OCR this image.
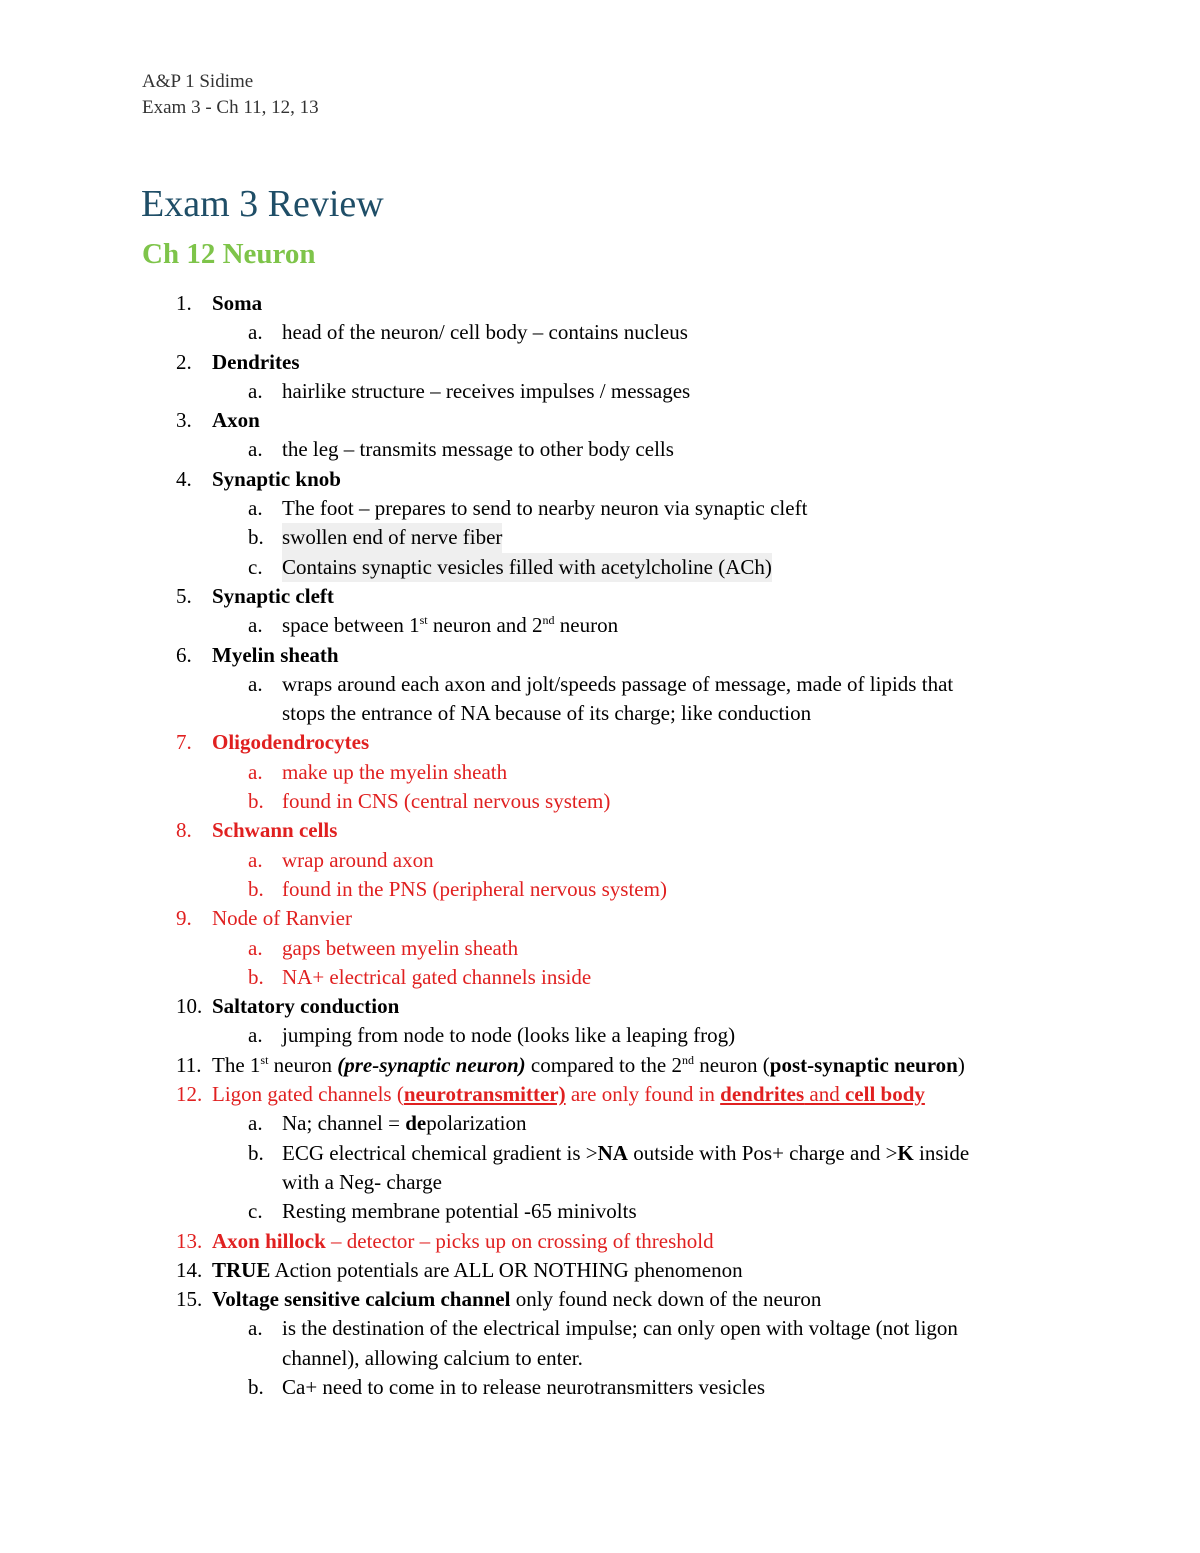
A&P 1 Sidime
Exam 3 - Ch 11, 12, 13
Exam 3 Review
Ch 12 Neuron
1. Soma
a. head of the neuron/ cell body – contains nucleus
2. Dendrites
a. hairlike structure – receives impulses / messages
3. Axon
a. the leg – transmits message to other body cells
4. Synaptic knob
a. The foot – prepares to send to nearby neuron via synaptic cleft
b. swollen end of nerve fiber
c. Contains synaptic vesicles filled with acetylcholine (ACh)
5. Synaptic cleft
a. space between 1st neuron and 2nd neuron
6. Myelin sheath
a. wraps around each axon and jolt/speeds passage of message, made of lipids that
stops the entrance of NA because of its charge; like conduction
7. Oligodendrocytes
a. make up the myelin sheath
b. found in CNS (central nervous system)
8. Schwann cells
a. wrap around axon
b. found in the PNS (peripheral nervous system)
9. Node of Ranvier
a. gaps between myelin sheath
b. NA+ electrical gated channels inside
10. Saltatory conduction
a. jumping from node to node (looks like a leaping frog)
11. The 1st neuron (pre-synaptic neuron) compared to the 2nd neuron (post-synaptic neuron)
12. Ligon gated channels (neurotransmitter) are only found in dendrites and cell body
a. Na; channel = depolarization
b. ECG electrical chemical gradient is >NA outside with Pos+ charge and >K inside
with a Neg- charge
c. Resting membrane potential -65 minivolts
13. Axon hillock – detector – picks up on crossing of threshold
14. TRUE Action potentials are ALL OR NOTHING phenomenon
15. Voltage sensitive calcium channel only found neck down of the neuron
a. is the destination of the electrical impulse; can only open with voltage (not ligon
channel), allowing calcium to enter.
b. Ca+ need to come in to release neurotransmitters vesicles
